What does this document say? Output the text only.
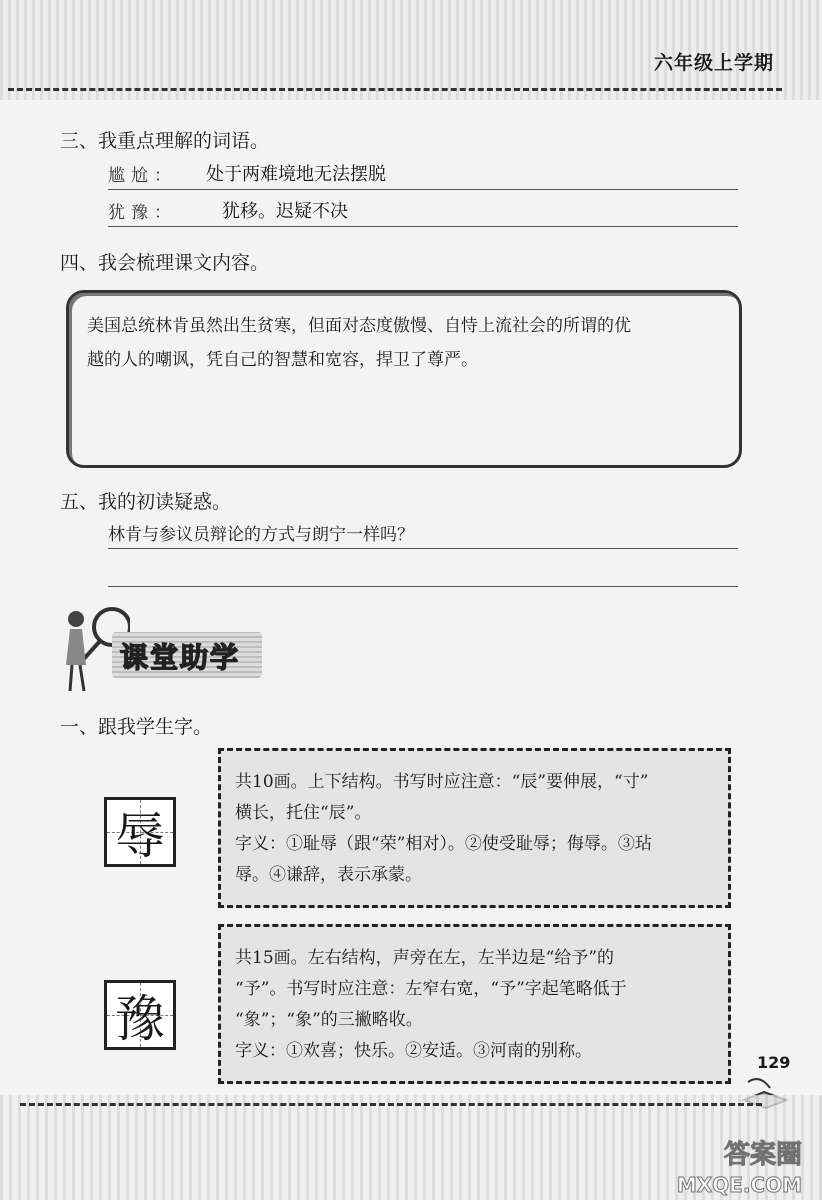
六年级上学期
三、我重点理解的词语。
尴尬： 处于两难境地无法摆脱
犹豫：	犹移。迟疑不决
四、我会梳理课文内容。
美国总统林肯虽然出生贫寒，但面对态度傲慢、自恃上流社会的所谓的优
越的人的嘲讽，凭自己的智慧和宽容，捍卫了尊严。
五、我的初读疑惑。
林肯与参议员辩论的方式与朗宁一样吗？
课堂助学
一、跟我学生字。
辱
共10画。上下结构。书写时应注意：“辰”要伸展，“寸”
横长，托住“辰”。
字义：①耻辱（跟“荣”相对）。②使受耻辱；侮辱。③玷
辱。④谦辞，表示承蒙。
豫
共15画。左右结构，声旁在左，左半边是“给予”的
“予”。书写时应注意：左窄右宽，“予”字起笔略低于
“象”；“象”的三撇略收。
字义：①欢喜；快乐。②安适。③河南的别称。
129
答案圈
MXQE.COM
